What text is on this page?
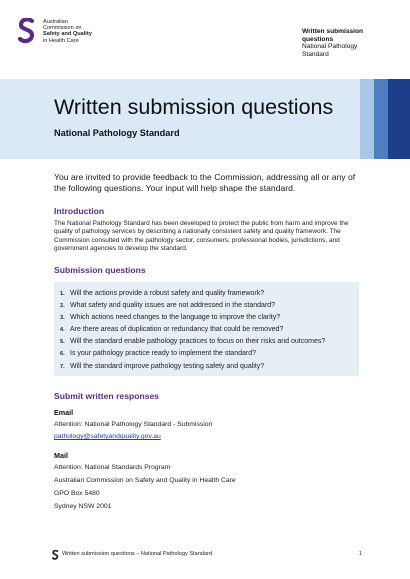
Australian
Commission on
Safety and Quality
in Health Care
Written submission
questions
National Pathology
Standard
Written submission questions
National Pathology Standard
You are invited to provide feedback to the Commission, addressing all or any of the following questions. Your input will help shape the standard.
Introduction
The National Pathology Standard has been developed to protect the public from harm and improve the quality of pathology services by describing a nationally consistent safety and quality framework. The Commission consulted with the pathology sector, consumers, professional bodies, jurisdictions, and government agencies to develop the standard.
Submission questions
1. Will the actions provide a robust safety and quality framework?
2. What safety and quality issues are not addressed in the standard?
3. Which actions need changes to the language to improve the clarity?
4. Are there areas of duplication or redundancy that could be removed?
5. Will the standard enable pathology practices to focus on their risks and outcomes?
6. Is your pathology practice ready to implement the standard?
7. Will the standard improve pathology testing safety and quality?
Submit written responses
Email
Attention: National Pathology Standard - Submission
pathology@safetyandquality.gov.au
Mail
Attention: National Standards Program
Australian Commission on Safety and Quality in Health Care
GPO Box 5480
Sydney NSW 2001
Written submission questions – National Pathology Standard	1
